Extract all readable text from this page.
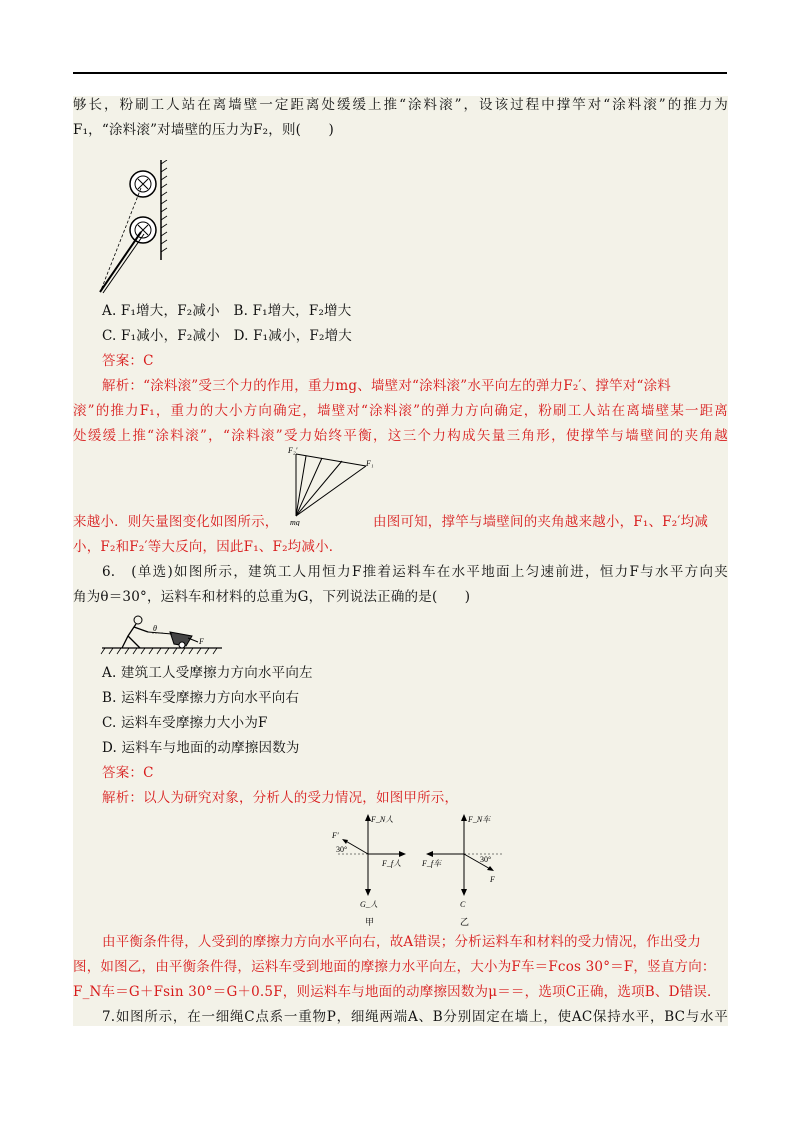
够长，粉刷工人站在离墙壁一定距离处缓缓上推“涂料滚”，设该过程中撑竿对“涂料滚”的推力为
F₁，“涂料滚”对墙壁的压力为F₂，则(　　)
A. F₁增大，F₂减小　B. F₁增大，F₂增大
C. F₁减小，F₂减小　D. F₁减小，F₂增大
答案：C
解析：“涂料滚”受三个力的作用，重力mg、墙壁对“涂料滚”水平向左的弹力F₂′、撑竿对“涂料
滚”的推力F₁，重力的大小方向确定，墙壁对“涂料滚”的弹力方向确定，粉刷工人站在离墙壁某一距离
处缓缓上推“涂料滚”，“涂料滚”受力始终平衡，这三个力构成矢量三角形，使撑竿与墙壁间的夹角越
F₂′
F₁
mg
来越小．则矢量图变化如图所示，	由图可知，撑竿与墙壁间的夹角越来越小，F₁、F₂′均减
小，F₂和F₂′等大反向，因此F₁、F₂均减小．
6.　(单选)如图所示，建筑工人用恒力F推着运料车在水平地面上匀速前进，恒力F与水平方向夹
角为θ＝30°，运料车和材料的总重为G，下列说法正确的是(　　)
θ
F
A. 建筑工人受摩擦力方向水平向左
B. 运料车受摩擦力方向水平向右
C. 运料车受摩擦力大小为F
D. 运料车与地面的动摩擦因数为
答案：C
解析：以人为研究对象，分析人的受力情况，如图甲所示，
F_N人
F′
30°
F_f人
G_人
甲
F_N车
F_f车	30°
F
C
乙
由平衡条件得，人受到的摩擦力方向水平向右，故A错误；分析运料车和材料的受力情况，作出受力
图，如图乙，由平衡条件得，运料车受到地面的摩擦力水平向左，大小为F车＝Fcos 30°＝F，竖直方向：
F_N车＝G＋Fsin 30°＝G＋0.5F，则运料车与地面的动摩擦因数为μ＝＝，选项C正确，选项B、D错误．
7.如图所示，在一细绳C点系一重物P，细绳两端A、B分别固定在墙上，使AC保持水平，BC与水平
